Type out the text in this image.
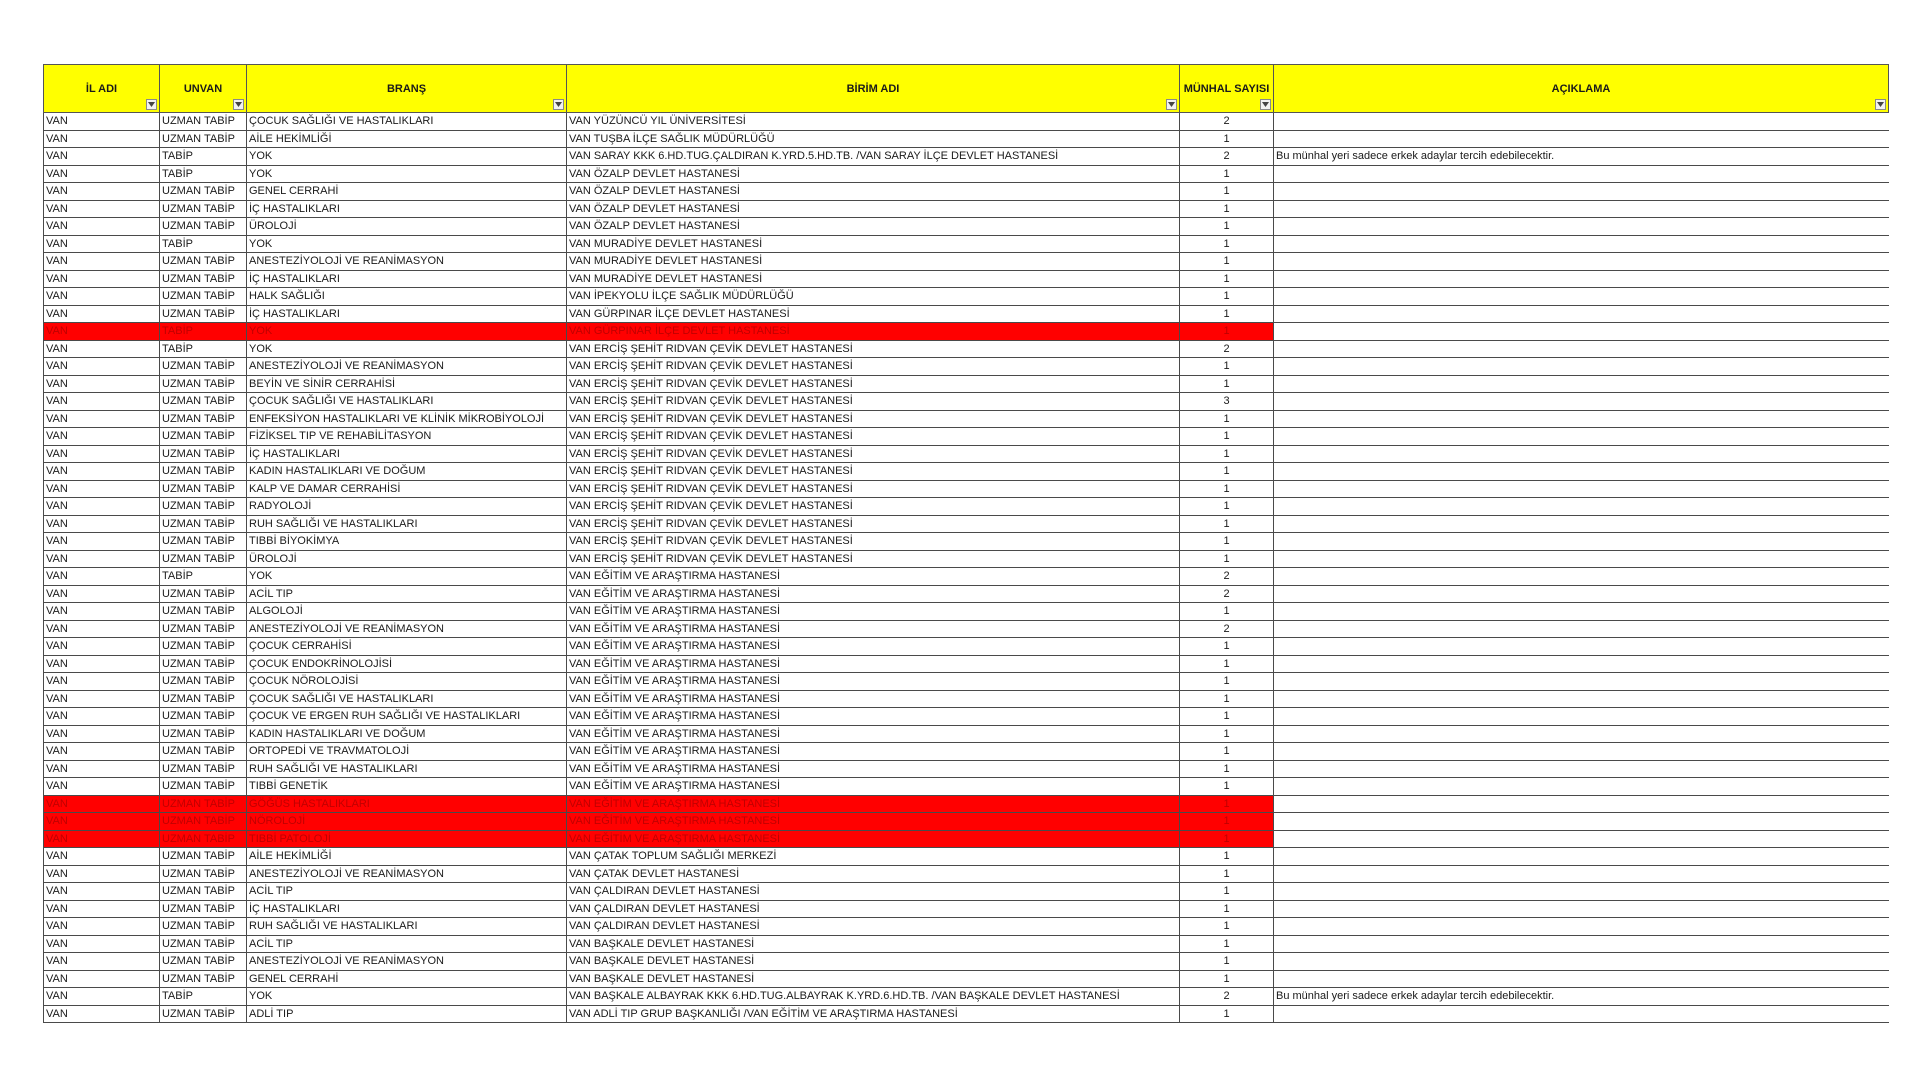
İL ADI	UNVAN	BRANŞ	BİRİM ADI	MÜNHAL SAYISI	AÇIKLAMA

VAN	UZMAN TABİP	ÇOCUK SAĞLIĞI VE HASTALIKLARI	VAN YÜZÜNCÜ YIL ÜNİVERSİTESİ	2	
VAN	UZMAN TABİP	AİLE HEKİMLİĞİ	VAN TUŞBA İLÇE SAĞLIK MÜDÜRLÜĞÜ	1	
VAN	TABİP	YOK	VAN SARAY KKK 6.HD.TUG.ÇALDIRAN K.YRD.5.HD.TB. /VAN SARAY İLÇE DEVLET HASTANESİ	2	Bu münhal yeri sadece erkek adaylar tercih edebilecektir.
VAN	TABİP	YOK	VAN ÖZALP DEVLET HASTANESİ	1	
VAN	UZMAN TABİP	GENEL CERRAHİ	VAN ÖZALP DEVLET HASTANESİ	1	
VAN	UZMAN TABİP	İÇ HASTALIKLARI	VAN ÖZALP DEVLET HASTANESİ	1	
VAN	UZMAN TABİP	ÜROLOJİ	VAN ÖZALP DEVLET HASTANESİ	1	
VAN	TABİP	YOK	VAN MURADİYE DEVLET HASTANESİ	1	
VAN	UZMAN TABİP	ANESTEZİYOLOJİ VE REANİMASYON	VAN MURADİYE DEVLET HASTANESİ	1	
VAN	UZMAN TABİP	İÇ HASTALIKLARI	VAN MURADİYE DEVLET HASTANESİ	1	
VAN	UZMAN TABİP	HALK SAĞLIĞI	VAN İPEKYOLU İLÇE SAĞLIK MÜDÜRLÜĞÜ	1	
VAN	UZMAN TABİP	İÇ HASTALIKLARI	VAN GÜRPINAR İLÇE DEVLET HASTANESİ	1	
VAN	TABİP	YOK	VAN GÜRPINAR İLÇE DEVLET HASTANESİ	1	
VAN	TABİP	YOK	VAN ERCİŞ ŞEHİT RIDVAN ÇEVİK DEVLET HASTANESİ	2	
VAN	UZMAN TABİP	ANESTEZİYOLOJİ VE REANİMASYON	VAN ERCİŞ ŞEHİT RIDVAN ÇEVİK DEVLET HASTANESİ	1	
VAN	UZMAN TABİP	BEYİN VE SİNİR CERRAHİSİ	VAN ERCİŞ ŞEHİT RIDVAN ÇEVİK DEVLET HASTANESİ	1	
VAN	UZMAN TABİP	ÇOCUK SAĞLIĞI VE HASTALIKLARI	VAN ERCİŞ ŞEHİT RIDVAN ÇEVİK DEVLET HASTANESİ	3	
VAN	UZMAN TABİP	ENFEKSİYON HASTALIKLARI VE KLİNİK MİKROBİYOLOJİ	VAN ERCİŞ ŞEHİT RIDVAN ÇEVİK DEVLET HASTANESİ	1	
VAN	UZMAN TABİP	FİZİKSEL TIP VE REHABİLİTASYON	VAN ERCİŞ ŞEHİT RIDVAN ÇEVİK DEVLET HASTANESİ	1	
VAN	UZMAN TABİP	İÇ HASTALIKLARI	VAN ERCİŞ ŞEHİT RIDVAN ÇEVİK DEVLET HASTANESİ	1	
VAN	UZMAN TABİP	KADIN HASTALIKLARI VE DOĞUM	VAN ERCİŞ ŞEHİT RIDVAN ÇEVİK DEVLET HASTANESİ	1	
VAN	UZMAN TABİP	KALP VE DAMAR CERRAHİSİ	VAN ERCİŞ ŞEHİT RIDVAN ÇEVİK DEVLET HASTANESİ	1	
VAN	UZMAN TABİP	RADYOLOJİ	VAN ERCİŞ ŞEHİT RIDVAN ÇEVİK DEVLET HASTANESİ	1	
VAN	UZMAN TABİP	RUH SAĞLIĞI VE HASTALIKLARI	VAN ERCİŞ ŞEHİT RIDVAN ÇEVİK DEVLET HASTANESİ	1	
VAN	UZMAN TABİP	TIBBİ BİYOKİMYA	VAN ERCİŞ ŞEHİT RIDVAN ÇEVİK DEVLET HASTANESİ	1	
VAN	UZMAN TABİP	ÜROLOJİ	VAN ERCİŞ ŞEHİT RIDVAN ÇEVİK DEVLET HASTANESİ	1	
VAN	TABİP	YOK	VAN EĞİTİM VE ARAŞTIRMA HASTANESİ	2	
VAN	UZMAN TABİP	ACİL TIP	VAN EĞİTİM VE ARAŞTIRMA HASTANESİ	2	
VAN	UZMAN TABİP	ALGOLOJİ	VAN EĞİTİM VE ARAŞTIRMA HASTANESİ	1	
VAN	UZMAN TABİP	ANESTEZİYOLOJİ VE REANİMASYON	VAN EĞİTİM VE ARAŞTIRMA HASTANESİ	2	
VAN	UZMAN TABİP	ÇOCUK CERRAHİSİ	VAN EĞİTİM VE ARAŞTIRMA HASTANESİ	1	
VAN	UZMAN TABİP	ÇOCUK ENDOKRİNOLOJİSİ	VAN EĞİTİM VE ARAŞTIRMA HASTANESİ	1	
VAN	UZMAN TABİP	ÇOCUK NÖROLOJİSİ	VAN EĞİTİM VE ARAŞTIRMA HASTANESİ	1	
VAN	UZMAN TABİP	ÇOCUK SAĞLIĞI VE HASTALIKLARI	VAN EĞİTİM VE ARAŞTIRMA HASTANESİ	1	
VAN	UZMAN TABİP	ÇOCUK VE ERGEN RUH SAĞLIĞI VE HASTALIKLARI	VAN EĞİTİM VE ARAŞTIRMA HASTANESİ	1	
VAN	UZMAN TABİP	KADIN HASTALIKLARI VE DOĞUM	VAN EĞİTİM VE ARAŞTIRMA HASTANESİ	1	
VAN	UZMAN TABİP	ORTOPEDİ VE TRAVMATOLOJİ	VAN EĞİTİM VE ARAŞTIRMA HASTANESİ	1	
VAN	UZMAN TABİP	RUH SAĞLIĞI VE HASTALIKLARI	VAN EĞİTİM VE ARAŞTIRMA HASTANESİ	1	
VAN	UZMAN TABİP	TIBBİ GENETİK	VAN EĞİTİM VE ARAŞTIRMA HASTANESİ	1	
VAN	UZMAN TABİP	GÖĞÜS HASTALIKLARI	VAN EĞİTİM VE ARAŞTIRMA HASTANESİ	1	
VAN	UZMAN TABİP	NÖROLOJİ	VAN EĞİTİM VE ARAŞTIRMA HASTANESİ	1	
VAN	UZMAN TABİP	TIBBİ PATOLOJİ	VAN EĞİTİM VE ARAŞTIRMA HASTANESİ	1	
VAN	UZMAN TABİP	AİLE HEKİMLİĞİ	VAN ÇATAK TOPLUM SAĞLIĞI MERKEZİ	1	
VAN	UZMAN TABİP	ANESTEZİYOLOJİ VE REANİMASYON	VAN ÇATAK DEVLET HASTANESİ	1	
VAN	UZMAN TABİP	ACİL TIP	VAN ÇALDIRAN DEVLET HASTANESİ	1	
VAN	UZMAN TABİP	İÇ HASTALIKLARI	VAN ÇALDIRAN DEVLET HASTANESİ	1	
VAN	UZMAN TABİP	RUH SAĞLIĞI VE HASTALIKLARI	VAN ÇALDIRAN DEVLET HASTANESİ	1	
VAN	UZMAN TABİP	ACİL TIP	VAN BAŞKALE DEVLET HASTANESİ	1	
VAN	UZMAN TABİP	ANESTEZİYOLOJİ VE REANİMASYON	VAN BAŞKALE DEVLET HASTANESİ	1	
VAN	UZMAN TABİP	GENEL CERRAHİ	VAN BAŞKALE DEVLET HASTANESİ	1	
VAN	TABİP	YOK	VAN BAŞKALE ALBAYRAK KKK 6.HD.TUG.ALBAYRAK K.YRD.6.HD.TB. /VAN BAŞKALE DEVLET HASTANESİ	2	Bu münhal yeri sadece erkek adaylar tercih edebilecektir.
VAN	UZMAN TABİP	ADLİ TIP	VAN ADLİ TIP GRUP BAŞKANLIĞI /VAN EĞİTİM VE ARAŞTIRMA HASTANESİ	1	
